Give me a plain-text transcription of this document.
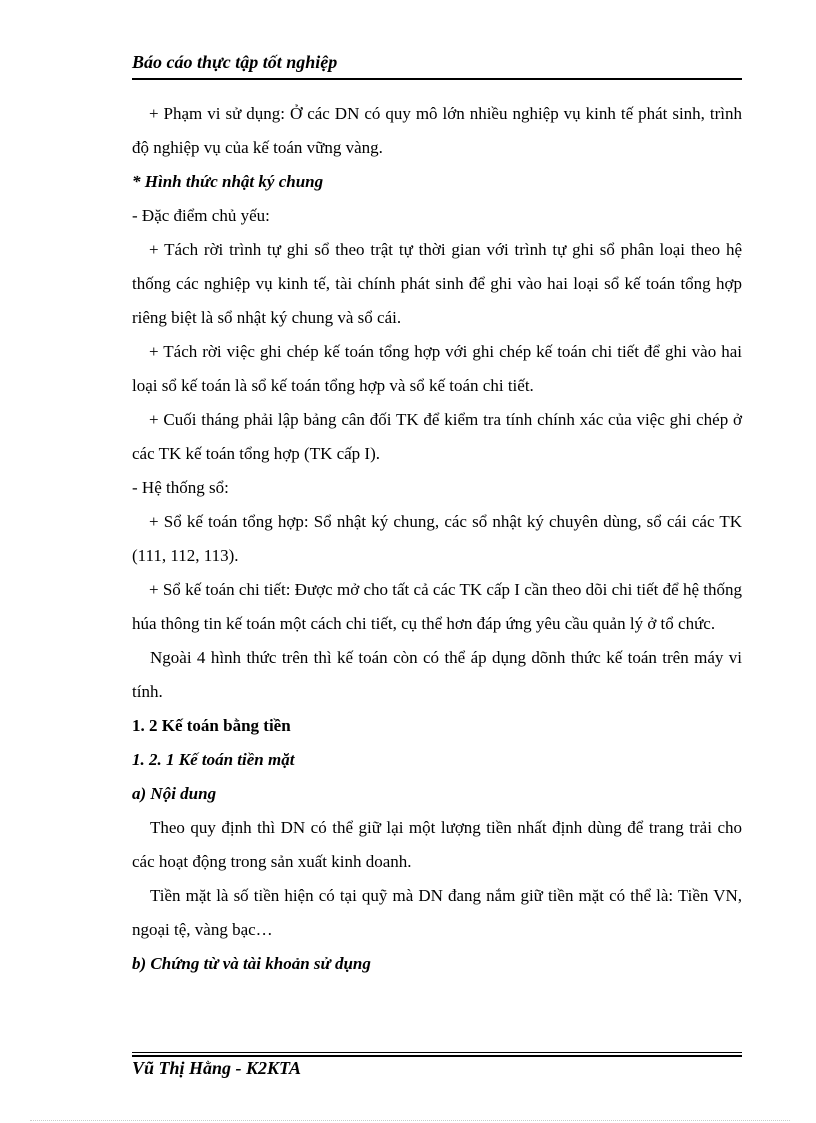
Báo cáo thực tập tốt nghiệp

+ Phạm vi sử dụng: Ở các DN có quy mô lớn nhiều nghiệp vụ kinh tế phát sinh, trình độ nghiệp vụ của kế toán vững vàng.

* Hình thức nhật ký chung

- Đặc điểm chủ yếu:

+ Tách rời trình tự ghi sổ theo trật tự thời gian với trình tự ghi sổ phân loại theo hệ thống các nghiệp vụ kinh tế, tài chính phát sinh để ghi vào hai loại sổ kế toán tổng hợp riêng biệt là sổ nhật ký chung và sổ cái.

+ Tách rời việc ghi chép kế toán tổng hợp với ghi chép kế toán chi tiết để ghi vào hai loại sổ kế toán là sổ kế toán tổng hợp và sổ kế toán chi tiết.

+ Cuối tháng phải lập bảng cân đối TK để kiểm tra tính chính xác của việc ghi chép ở các TK kế toán tổng hợp (TK cấp I).

- Hệ thống sổ:

+ Sổ kế toán tổng hợp: Sổ nhật ký chung, các sổ nhật ký chuyên dùng, sổ cái các TK (111, 112, 113).

+ Sổ kế toán chi tiết: Được mở cho tất cả các TK cấp I cần theo dõi chi tiết để hệ thống húa thông tin kế toán một cách chi tiết, cụ thể hơn đáp ứng yêu cầu quản lý ở tổ chức.

Ngoài 4 hình thức trên thì kế toán còn có thể áp dụng dõnh thức kế toán trên máy vi tính.

1. 2 Kế toán bằng tiền

1. 2. 1 Kế toán tiền mặt

a) Nội dung

Theo quy định thì DN có thể giữ lại một lượng tiền nhất định dùng để trang trải cho các hoạt động trong sản xuất kinh doanh.

Tiền mặt là số tiền hiện có tại quỹ mà DN đang nắm giữ tiền mặt có thể là: Tiền VN, ngoại tệ, vàng bạc…

b) Chứng từ và tài khoản sử dụng

Vũ Thị Hằng - K2KTA
